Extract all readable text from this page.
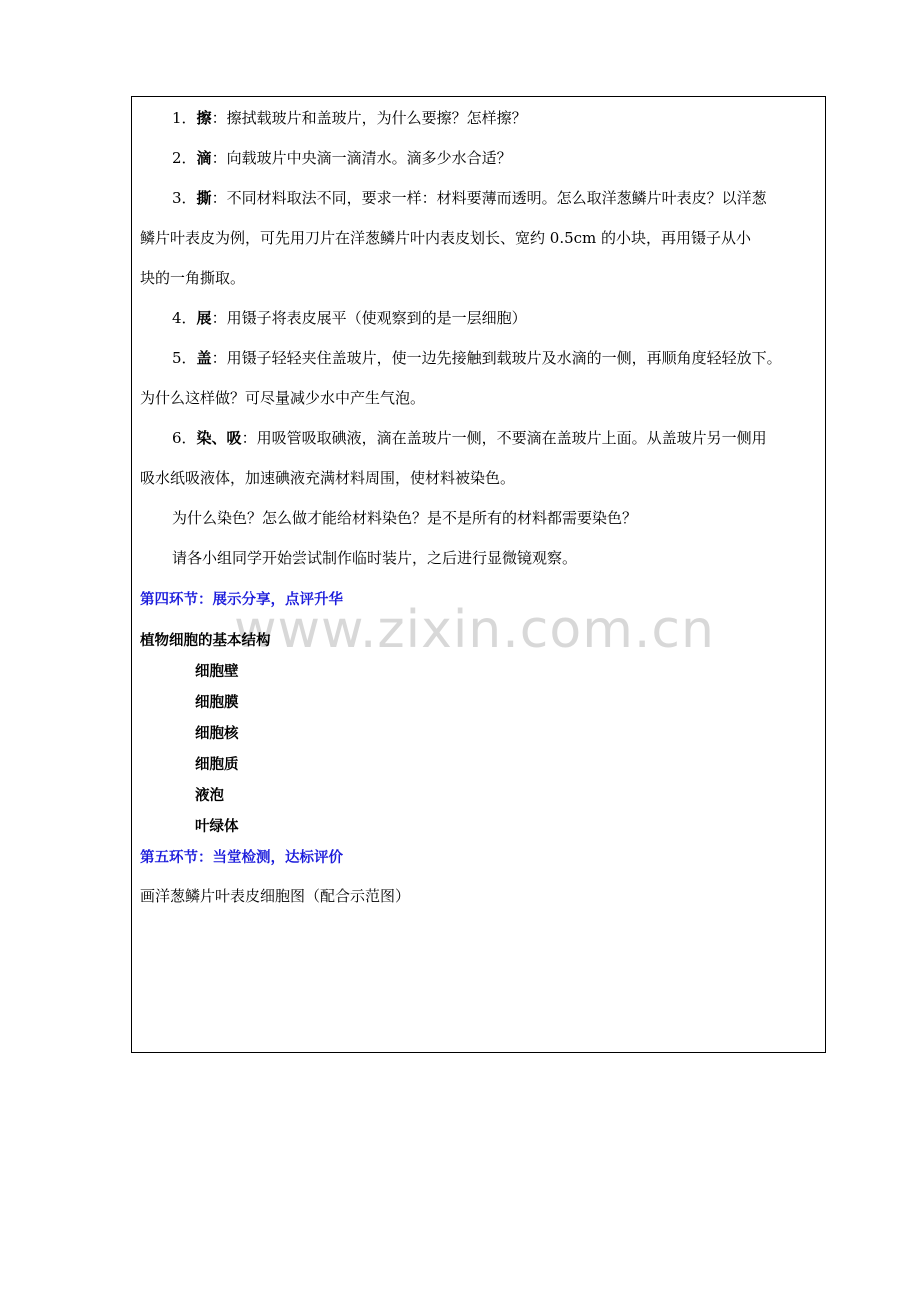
www.zixin.com.cn
1．擦：擦拭载玻片和盖玻片，为什么要擦？怎样擦？
2．滴：向载玻片中央滴一滴清水。滴多少水合适？
3．撕：不同材料取法不同，要求一样：材料要薄而透明。怎么取洋葱鳞片叶表皮？以洋葱
鳞片叶表皮为例，可先用刀片在洋葱鳞片叶内表皮划长、宽约 0.5cm 的小块，再用镊子从小
块的一角撕取。
4．展：用镊子将表皮展平（使观察到的是一层细胞）
5．盖：用镊子轻轻夹住盖玻片，使一边先接触到载玻片及水滴的一侧，再顺角度轻轻放下。
为什么这样做？可尽量减少水中产生气泡。
6．染、吸：用吸管吸取碘液，滴在盖玻片一侧，不要滴在盖玻片上面。从盖玻片另一侧用
吸水纸吸液体，加速碘液充满材料周围，使材料被染色。
为什么染色？怎么做才能给材料染色？是不是所有的材料都需要染色？
请各小组同学开始尝试制作临时装片，之后进行显微镜观察。
第四环节：展示分享，点评升华
植物细胞的基本结构
细胞壁
细胞膜
细胞核
细胞质
液泡
叶绿体
第五环节：当堂检测，达标评价
画洋葱鳞片叶表皮细胞图（配合示范图）
